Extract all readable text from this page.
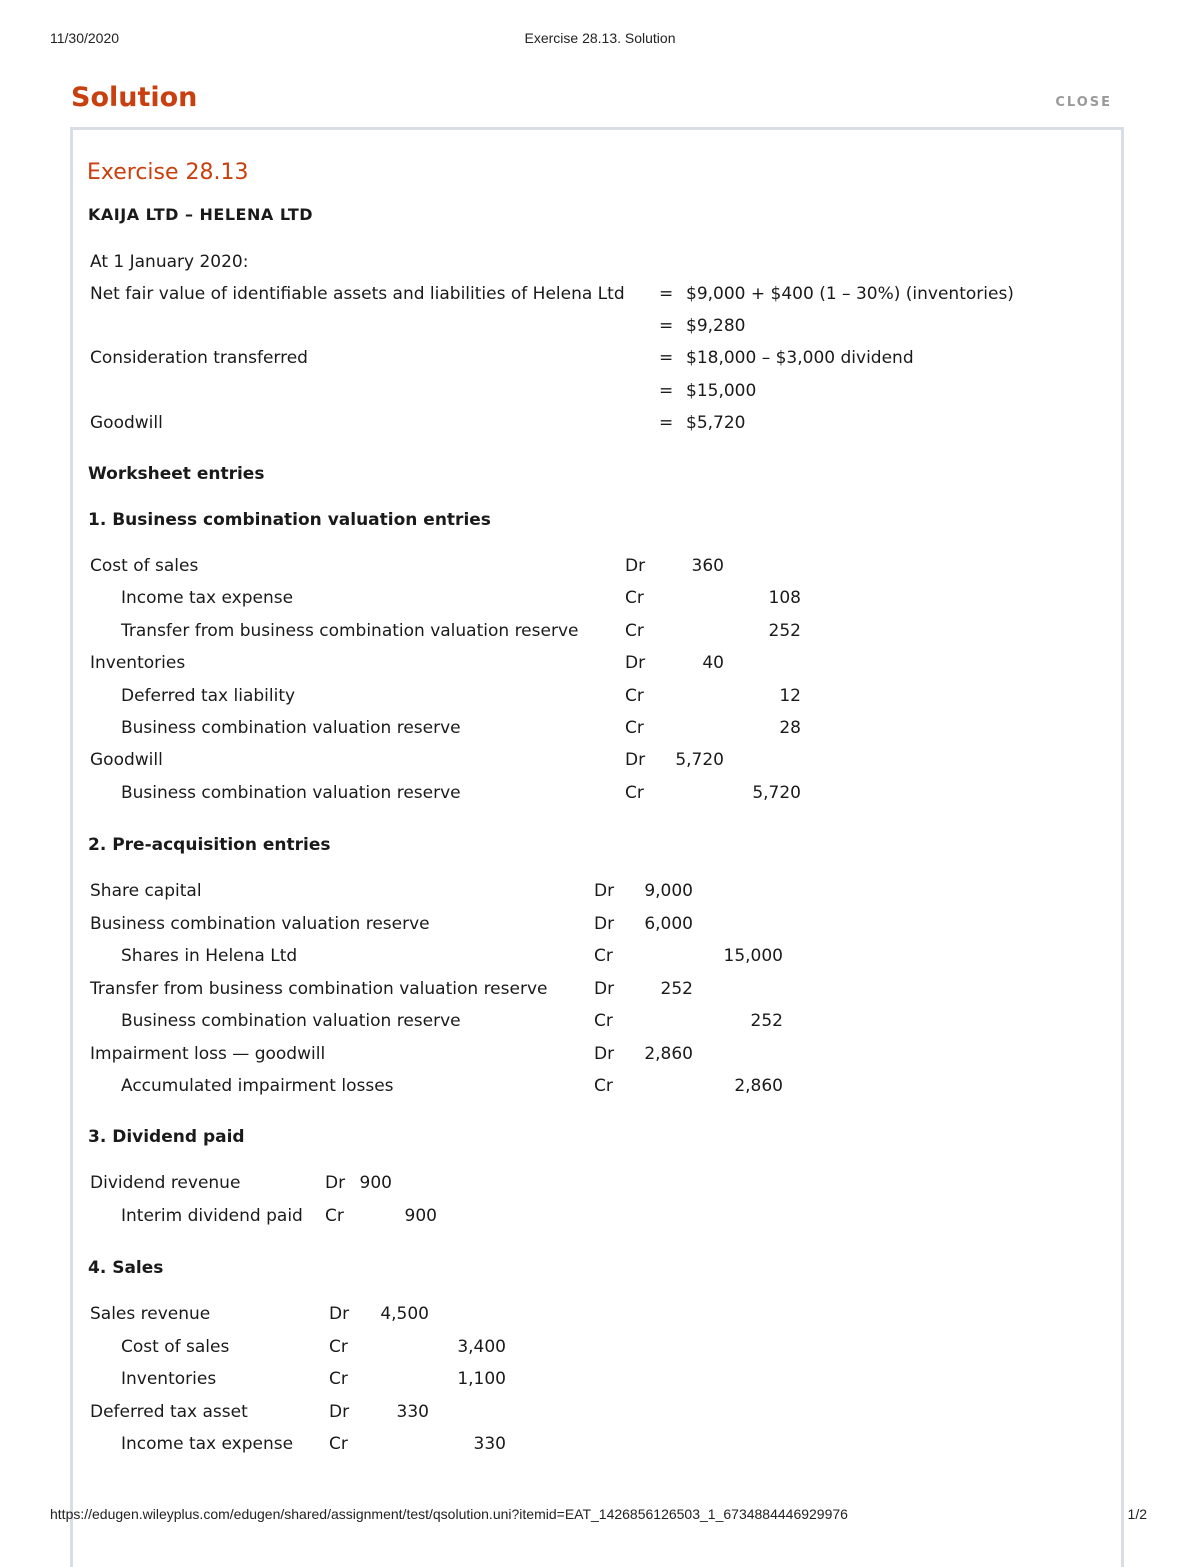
11/30/2020	Exercise 28.13. Solution
Solution	CLOSE
Exercise 28.13
KAIJA LTD – HELENA LTD
At 1 January 2020:
Net fair value of identifiable assets and liabilities of Helena Ltd = $9,000 + $400 (1 – 30%) (inventories)
= $9,280
Consideration transferred	= $18,000 – $3,000 dividend
= $15,000
Goodwill	= $5,720
Worksheet entries
1. Business combination valuation entries
2. Pre-acquisition entries
3. Dividend paid
4. Sales
Cost of sales	Dr	360
Income tax expense	Cr	108
Transfer from business combination valuation reserve	Cr	252
Inventories	Dr	40
Deferred tax liability	Cr	12
Business combination valuation reserve	Cr	28
Goodwill	Dr	5,720
Business combination valuation reserve	Cr	5,720
Share capital	Dr	9,000
Business combination valuation reserve	Dr	6,000
Shares in Helena Ltd	Cr	15,000
Transfer from business combination valuation reserve	Dr	252
Business combination valuation reserve	Cr	252
Impairment loss — goodwill	Dr	2,860
Accumulated impairment losses	Cr	2,860
Dividend revenue	Dr 900
Interim dividend paid Cr	900
Sales revenue	Dr	4,500
Cost of sales	Cr	3,400
Inventories	Cr	1,100
Deferred tax asset	Dr	330
Income tax expense Cr	330
https://edugen.wileyplus.com/edugen/shared/assignment/test/qsolution.uni?itemid=EAT_1426856126503_1_6734884446929976	1/2
